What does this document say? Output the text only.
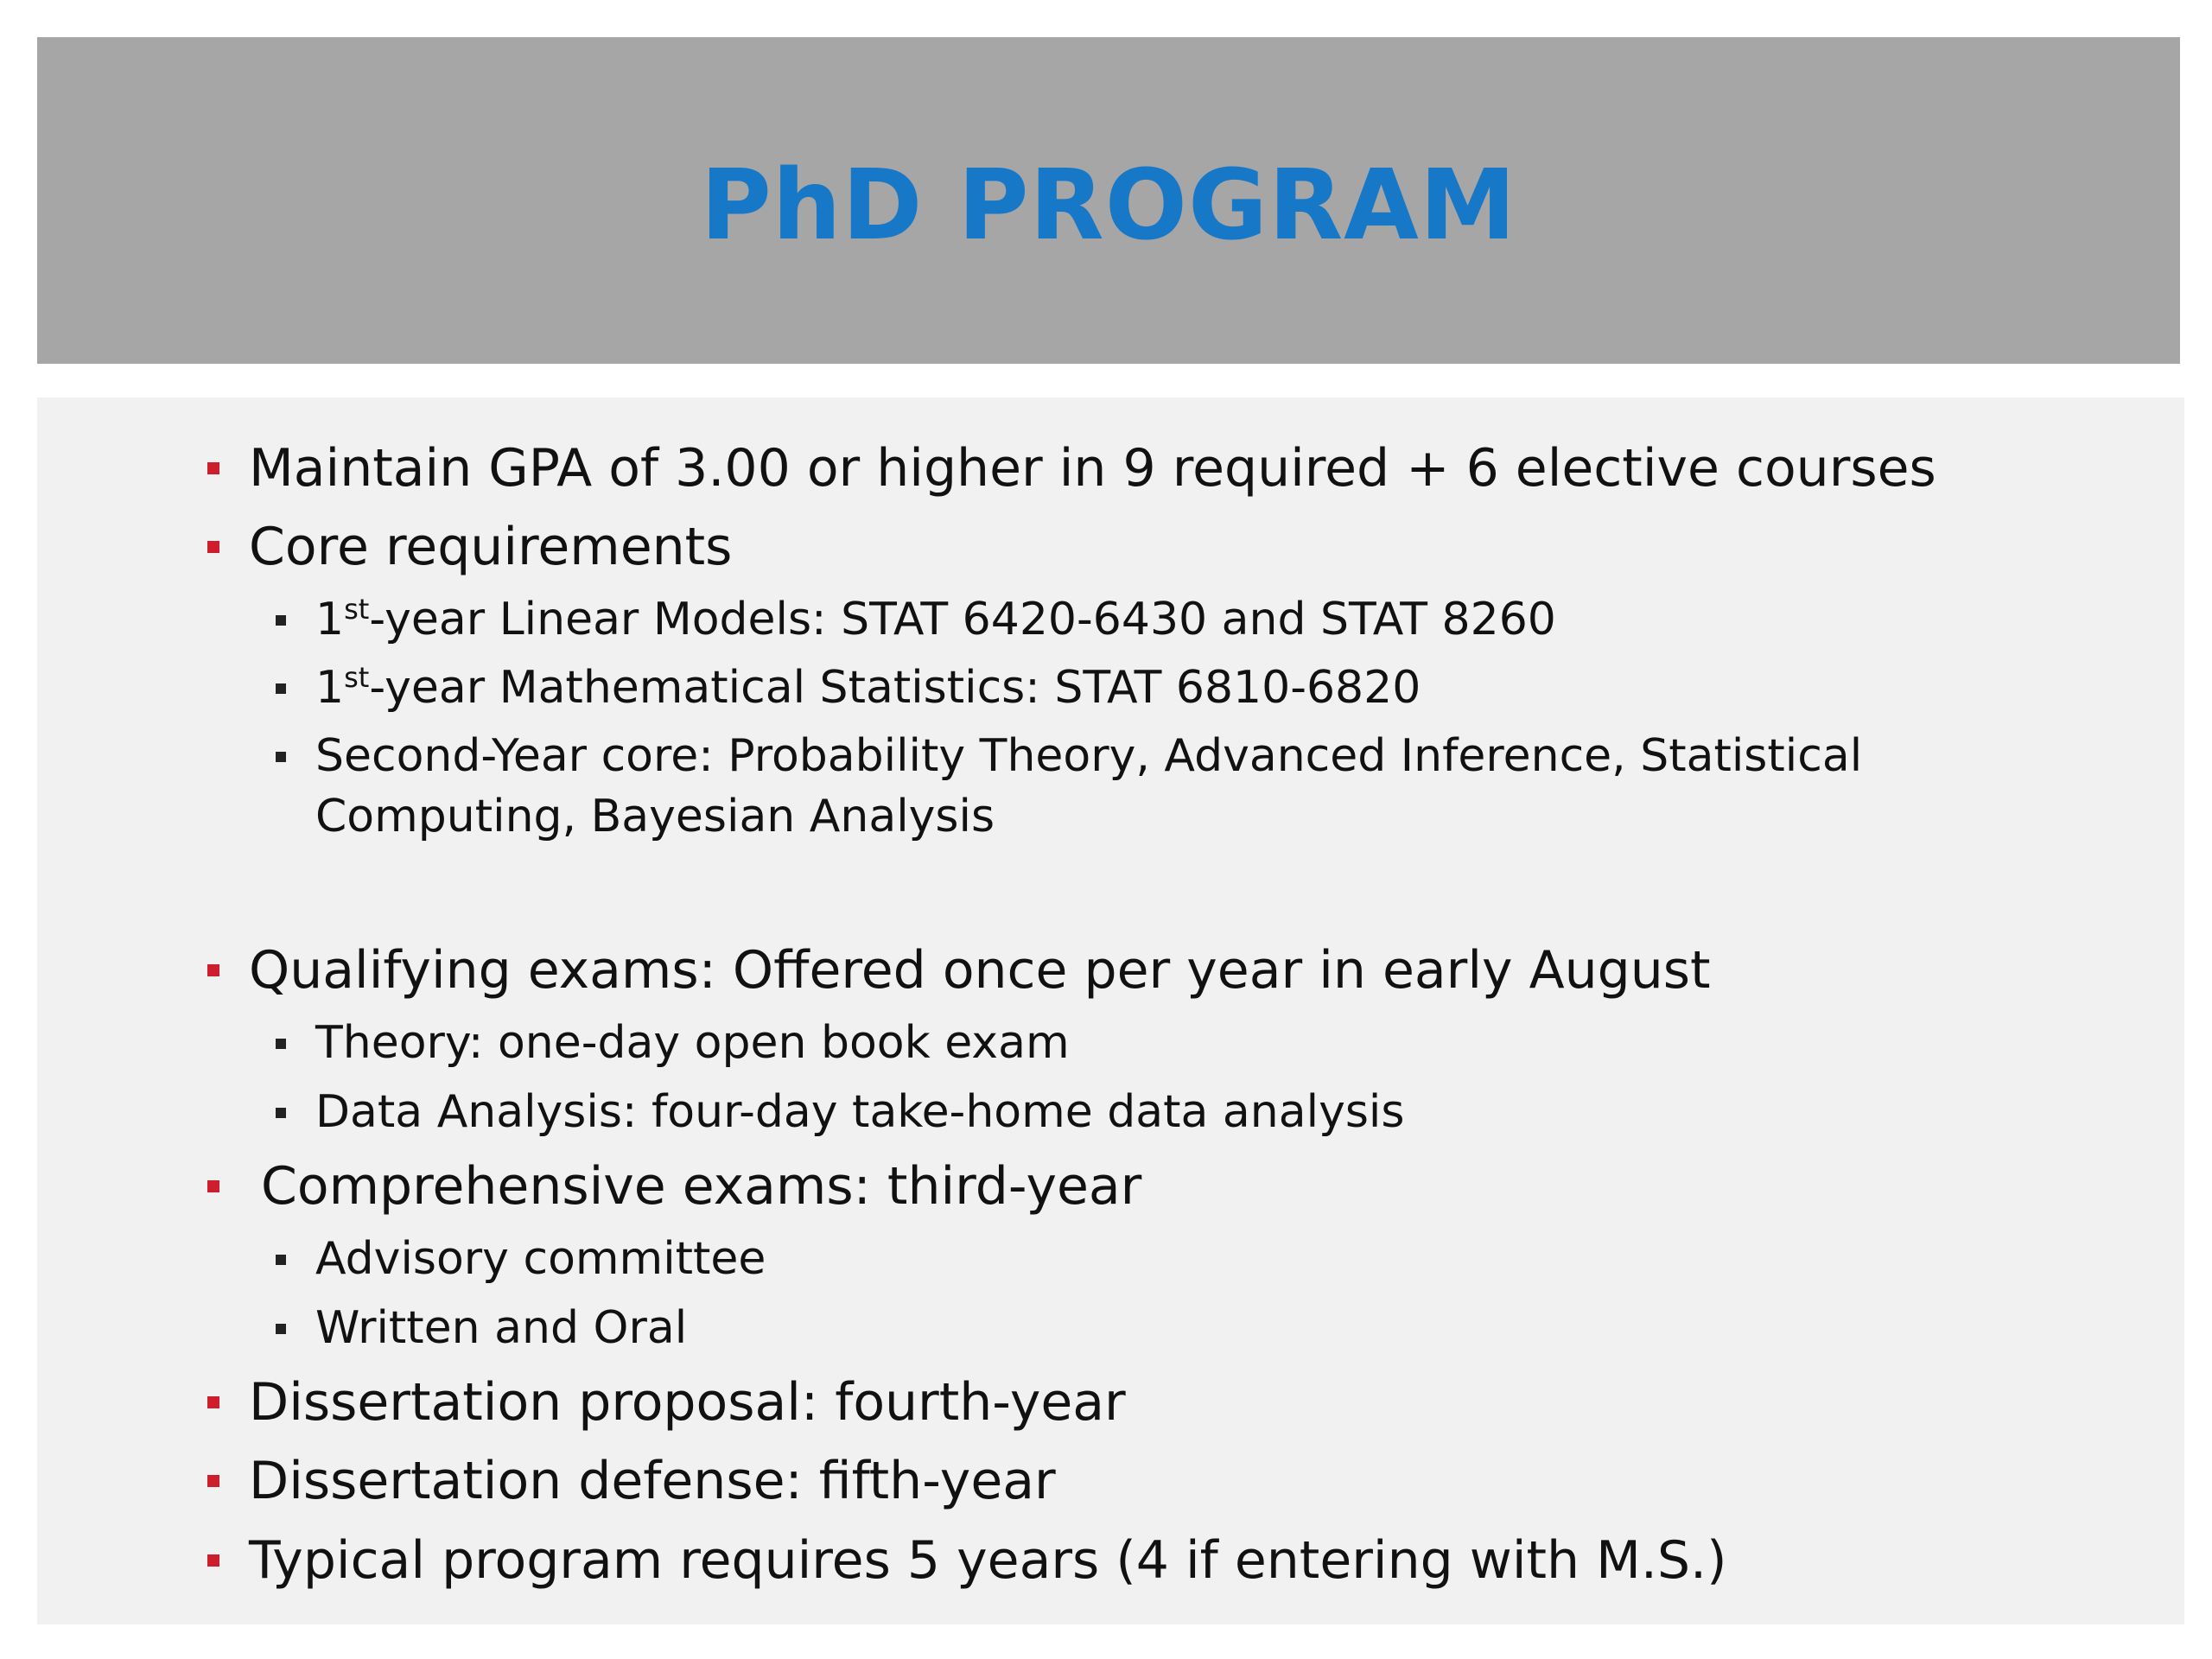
PhD PROGRAM
Maintain GPA of 3.00 or higher in 9 required + 6 elective courses
Core requirements
1st-year Linear Models: STAT 6420-6430 and STAT 8260
1st-year Mathematical Statistics: STAT 6810-6820
Second-Year core: Probability Theory, Advanced Inference, Statistical Computing, Bayesian Analysis
Qualifying exams: Offered once per year in early August
Theory: one-day open book exam
Data Analysis: four-day take-home data analysis
Comprehensive exams: third-year
Advisory committee
Written and Oral
Dissertation proposal: fourth-year
Dissertation defense: fifth-year
Typical program requires 5 years (4 if entering with M.S.)
